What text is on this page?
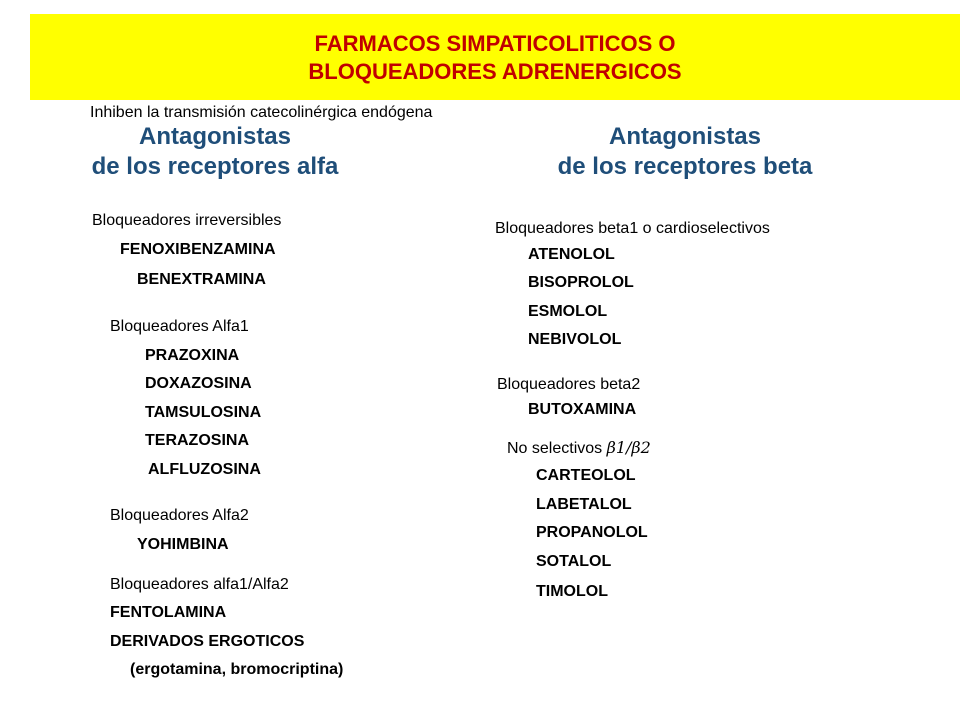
FARMACOS SIMPATICOLITICOS O
BLOQUEADORES ADRENERGICOS
Inhiben la transmisión catecolinérgica endógena
Antagonistas
de los receptores alfa
Antagonistas
de los receptores beta
Bloqueadores irreversibles
FENOXIBENZAMINA
BENEXTRAMINA
Bloqueadores Alfa1
PRAZOXINA
DOXAZOSINA
TAMSULOSINA
TERAZOSINA
ALFLUZOSINA
Bloqueadores Alfa2
YOHIMBINA
Bloqueadores alfa1/Alfa2
FENTOLAMINA
DERIVADOS ERGOTICOS
(ergotamina, bromocriptina)
Bloqueadores beta1 o cardioselectivos
ATENOLOL
BISOPROLOL
ESMOLOL
NEBIVOLOL
Bloqueadores beta2
BUTOXAMINA
No selectivos β1/β2
CARTEOLOL
LABETALOL
PROPANOLOL
SOTALOL
TIMOLOL
